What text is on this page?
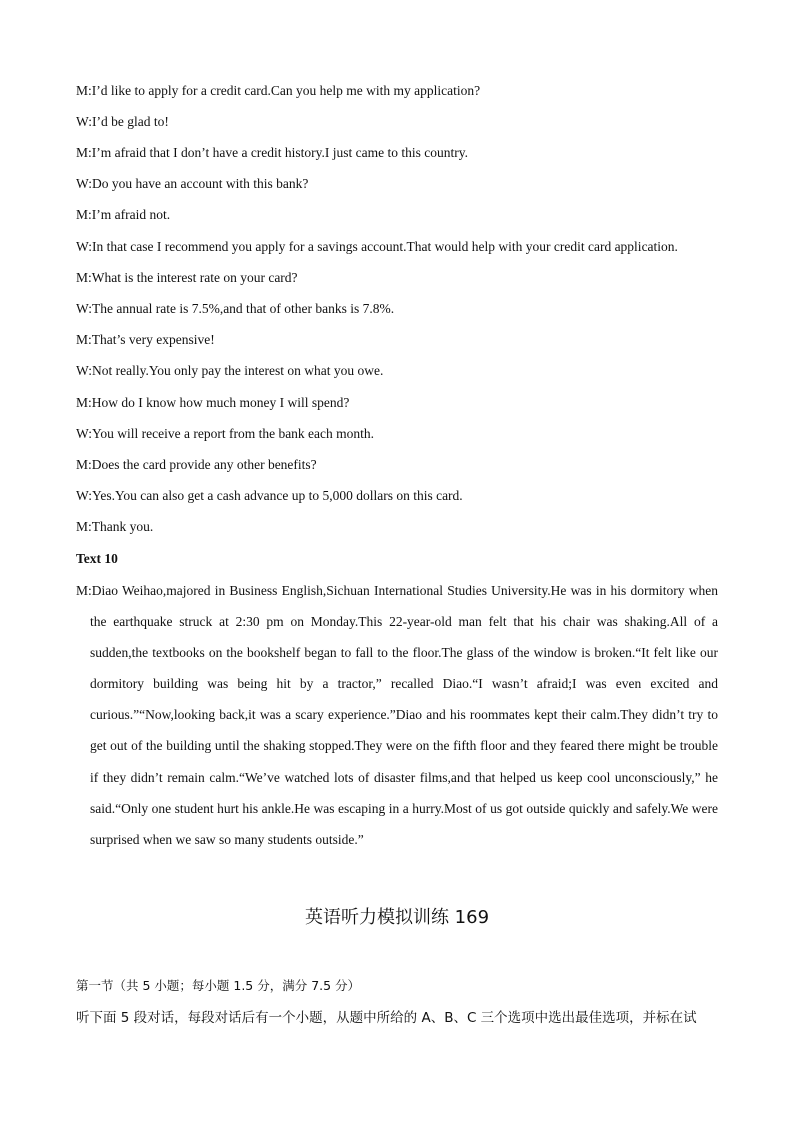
M:I’d like to apply for a credit card.Can you help me with my application?
W:I’d be glad to!
M:I’m afraid that I don’t have a credit history.I just came to this country.
W:Do you have an account with this bank?
M:I’m afraid not.
W:In that case I recommend you apply for a savings account.That would help with your credit card application.
M:What is the interest rate on your card?
W:The annual rate is 7.5%,and that of other banks is 7.8%.
M:That’s very expensive!
W:Not really.You only pay the interest on what you owe.
M:How do I know how much money I will spend?
W:You will receive a report from the bank each month.
M:Does the card provide any other benefits?
W:Yes.You can also get a cash advance up to 5,000 dollars on this card.
M:Thank you.
Text 10
M:Diao Weihao,majored in Business English,Sichuan International Studies University.He was in his dormitory when the earthquake struck at 2:30 pm on Monday.This 22-year-old man felt that his chair was shaking.All of a sudden,the textbooks on the bookshelf began to fall to the floor.The glass of the window is broken.“It felt like our dormitory building was being hit by a tractor,” recalled Diao.“I wasn’t afraid;I was even excited and curious.”“Now,looking back,it was a scary experience.”Diao and his roommates kept their calm.They didn’t try to get out of the building until the shaking stopped.They were on the fifth floor and they feared there might be trouble if they didn’t remain calm.“We’ve watched lots of disaster films,and that helped us keep cool unconsciously,” he said.“Only one student hurt his ankle.He was escaping in a hurry.Most of us got outside quickly and safely.We were surprised when we saw so many students outside.”
英语听力模拟训练 169
第一节（共 5 小题；每小题 1.5 分，满分 7.5 分）
听下面 5 段对话，每段对话后有一个小题，从题中所给的 A、B、C 三个选项中选出最佳选项，并标在试
